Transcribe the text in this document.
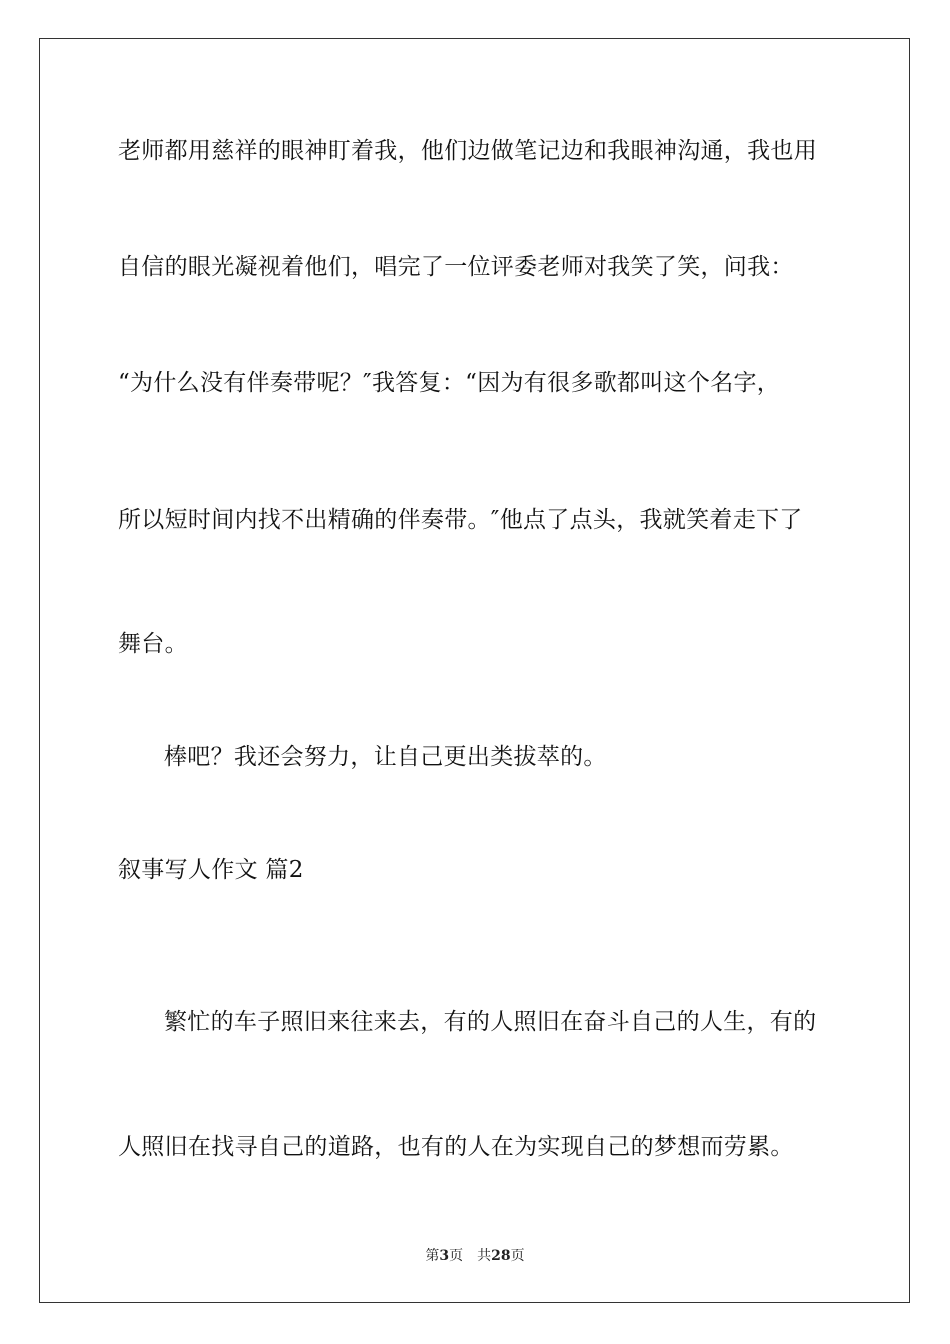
老师都用慈祥的眼神盯着我，他们边做笔记边和我眼神沟通，我也用
自信的眼光凝视着他们，唱完了一位评委老师对我笑了笑，问我：
“为什么没有伴奏带呢？″我答复：“因为有很多歌都叫这个名字，
所以短时间内找不出精确的伴奏带。″他点了点头，我就笑着走下了
舞台。
棒吧？我还会努力，让自己更出类拔萃的。
叙事写人作文 篇2
繁忙的车子照旧来往来去，有的人照旧在奋斗自己的人生，有的
人照旧在找寻自己的道路，也有的人在为实现自己的梦想而劳累。
第3页 共28页
